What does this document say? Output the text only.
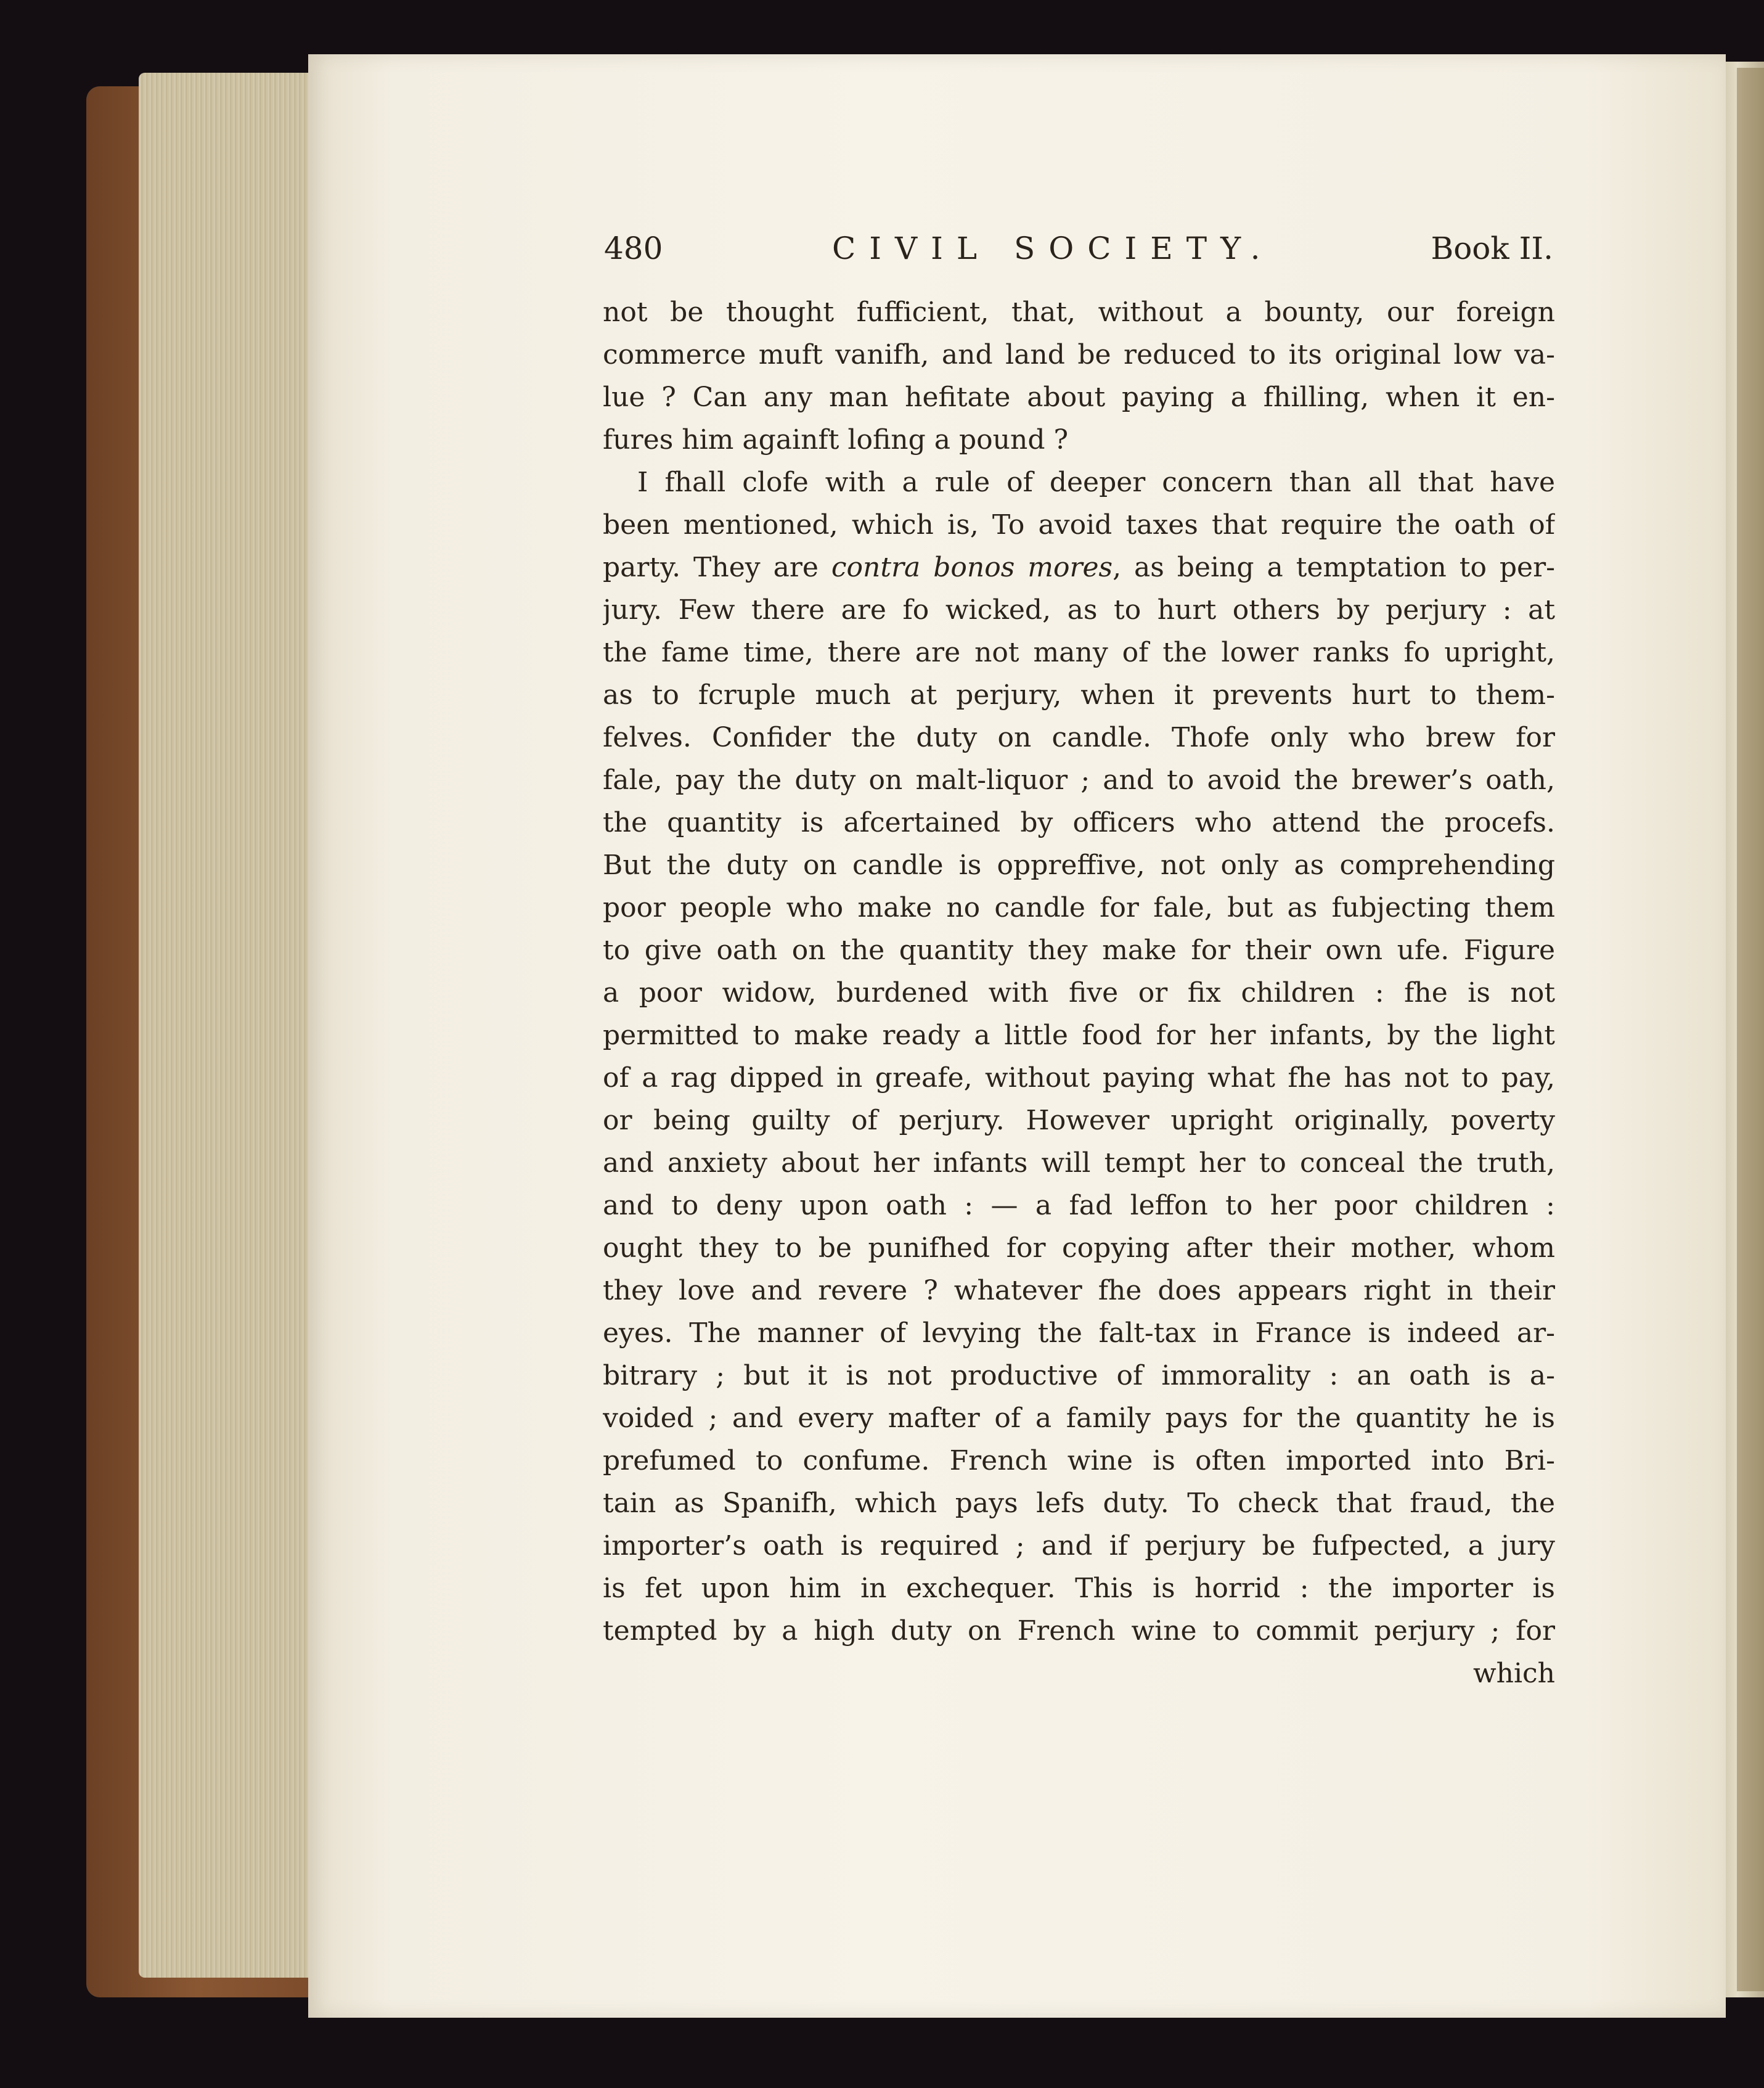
480	CIVIL SOCIETY.	Book II.
not be thought fufficient, that, without a bounty, our foreign
commerce muft vanifh, and land be reduced to its original low va-
lue ? Can any man hefitate about paying a fhilling, when it en-
fures him againft lofing a pound ?
I fhall clofe with a rule of deeper concern than all that have
been mentioned, which is, To avoid taxes that require the oath of
party. They are contra bonos mores, as being a temptation to per-
jury. Few there are fo wicked, as to hurt others by perjury : at
the fame time, there are not many of the lower ranks fo upright,
as to fcruple much at perjury, when it prevents hurt to them-
felves. Confider the duty on candle. Thofe only who brew for
fale, pay the duty on malt-liquor ; and to avoid the brewer’s oath,
the quantity is afcertained by officers who attend the procefs.
But the duty on candle is oppreffive, not only as comprehending
poor people who make no candle for fale, but as fubjecting them
to give oath on the quantity they make for their own ufe. Figure
a poor widow, burdened with five or fix children : fhe is not
permitted to make ready a little food for her infants, by the light
of a rag dipped in greafe, without paying what fhe has not to pay,
or being guilty of perjury. However upright originally, poverty
and anxiety about her infants will tempt her to conceal the truth,
and to deny upon oath : — a fad leffon to her poor children :
ought they to be punifhed for copying after their mother, whom
they love and revere ? whatever fhe does appears right in their
eyes. The manner of levying the falt-tax in France is indeed ar-
bitrary ; but it is not productive of immorality : an oath is a-
voided ; and every mafter of a family pays for the quantity he is
prefumed to confume. French wine is often imported into Bri-
tain as Spanifh, which pays lefs duty. To check that fraud, the
importer’s oath is required ; and if perjury be fufpected, a jury
is fet upon him in exchequer. This is horrid : the importer is
tempted by a high duty on French wine to commit perjury ; for
which
